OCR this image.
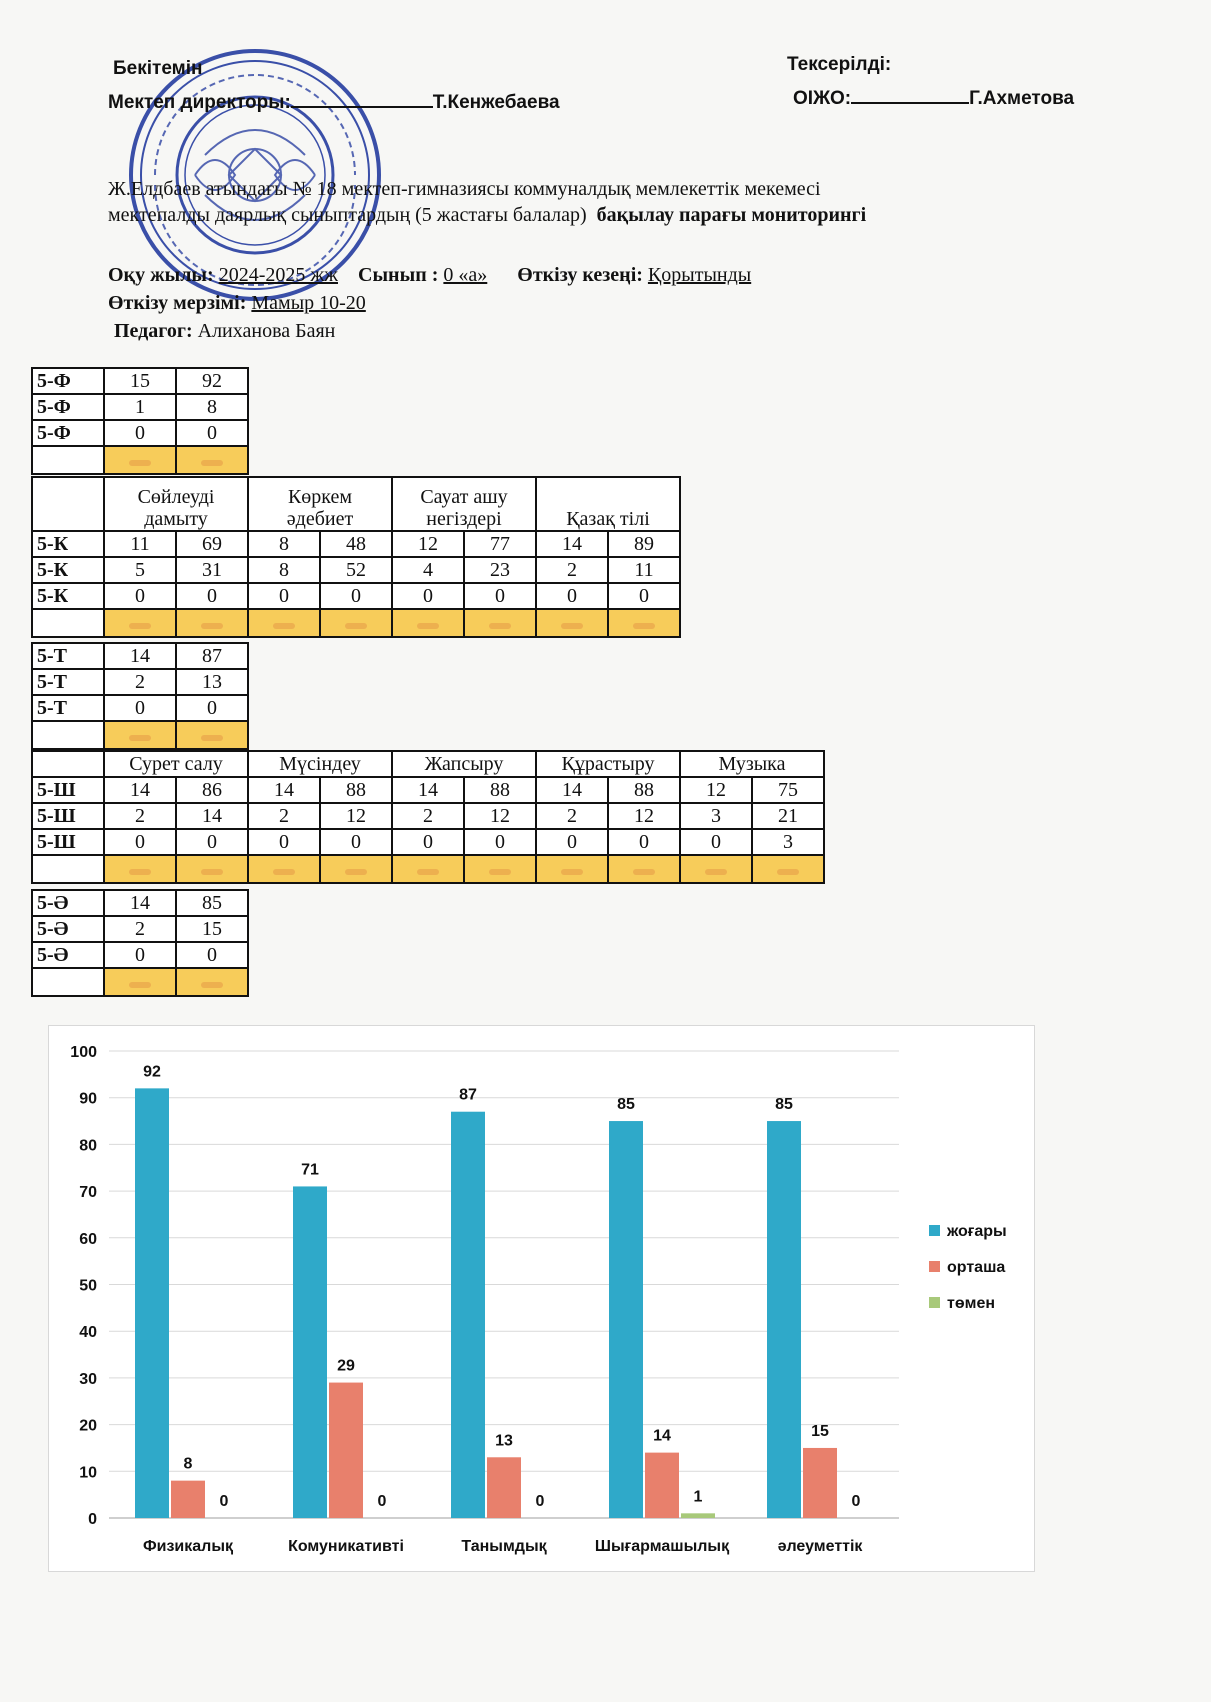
Бекітемін
Мектеп директоры:	Т.Кенжебаева
Тексерілді:
ОІЖО:	Г.Ахметова
Ж.Елдбаев атындағы № 18 мектеп-гимназиясы коммуналдық мемлекеттік мекемесі
мектепалды даярлық сыныптардың (5 жастағы балалар) бақылау парағы мониторингі
Оқу жылы: 2024-2025 жж Сынып : 0 «а» Өткізу кезеңі: Қорытынды
Өткізу мерзімі: Мамыр 10-20
Педагог: Алиханова Баян
5-Ф	15	92
5-Ф	1	8
5-Ф	0	0

	Сөйлеуді дамыту		Көркем әдебиет		Сауат ашу негіздері		Қазақ тілі	
5-К	11	69	8	48	12	77	14	89
5-К	5	31	8	52	4	23	2	11
5-К	0	0	0	0	0	0	0	0

5-Т	14	87
5-Т	2	13
5-Т	0	0

	Сурет салу		Мүсіндеу		Жапсыру		Құрастыру		Музыка	
5-Ш	14	86	14	88	14	88	14	88	12	75
5-Ш	2	14	2	12	2	12	2	12	3	21
5-Ш	0	0	0	0	0	0	0	0	0	3

5-Ә	14	85
5-Ә	2	15
5-Ә	0	0

0
10
20
30
40
50
60
70
80
90
100
92
8
0
Физикалық
71
29
0
Комуникативті
87
13
0
Танымдық
85
14
1
Шығармашылық
85
15
0
әлеуметтік
жоғары
орташа
төмен
